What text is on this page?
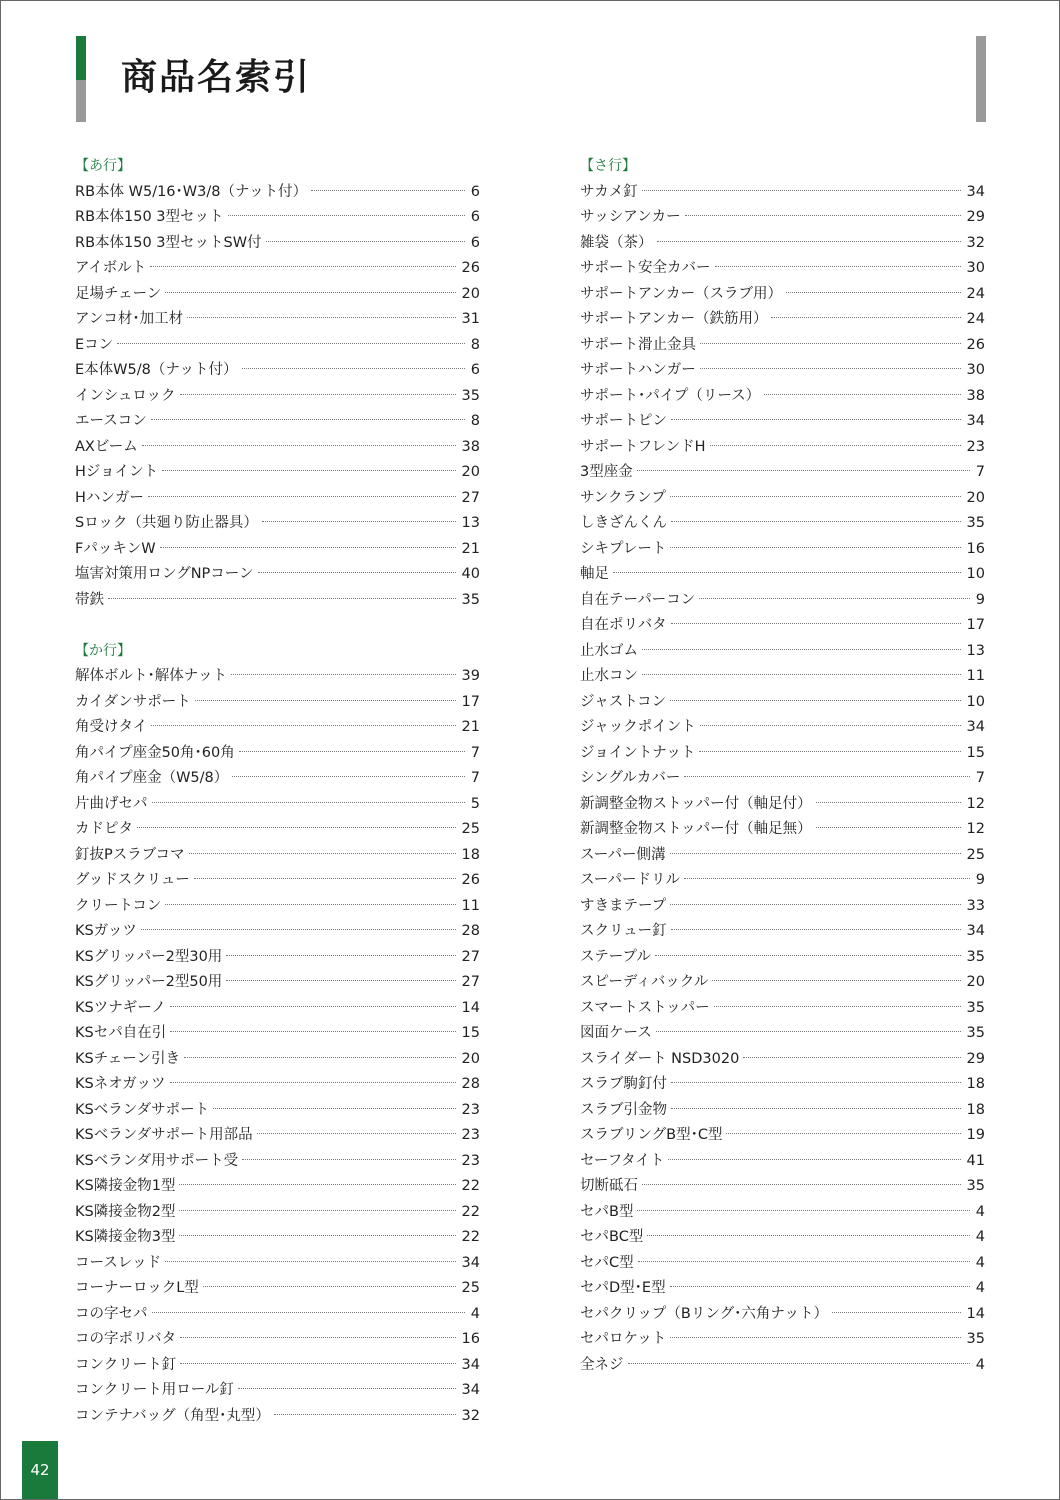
商品名索引
【あ行】
RB本体 W5/16･W3/8（ナット付）	6
RB本体150 3型セット	6
RB本体150 3型セットSW付	6
アイボルト	26
足場チェーン	20
アンコ材･加工材	31
Eコン	8
E本体W5/8（ナット付）	6
インシュロック	35
エースコン	8
AXビーム	38
Hジョイント	20
Hハンガー	27
Sロック（共廻り防止器具）	13
FパッキンW	21
塩害対策用ロングNPコーン	40
帯鉄	35
【か行】
解体ボルト･解体ナット	39
カイダンサポート	17
角受けタイ	21
角パイプ座金50角･60角	7
角パイプ座金（W5/8）	7
片曲げセパ	5
カドピタ	25
釘抜Pスラブコマ	18
グッドスクリュー	26
クリートコン	11
KSガッツ	28
KSグリッパー2型30用	27
KSグリッパー2型50用	27
KSツナギーノ	14
KSセパ自在引	15
KSチェーン引き	20
KSネオガッツ	28
KSベランダサポート	23
KSベランダサポート用部品	23
KSベランダ用サポート受	23
KS隣接金物1型	22
KS隣接金物2型	22
KS隣接金物3型	22
コースレッド	34
コーナーロックL型	25
コの字セパ	4
コの字ポリバタ	16
コンクリート釘	34
コンクリート用ロール釘	34
コンテナバッグ（角型･丸型）	32
【さ行】
サカメ釘	34
サッシアンカー	29
雑袋（茶）	32
サポート安全カバー	30
サポートアンカー（スラブ用）	24
サポートアンカー（鉄筋用）	24
サポート滑止金具	26
サポートハンガー	30
サポート･パイプ（リース）	38
サポートピン	34
サポートフレンドH	23
3型座金	7
サンクランプ	20
しきざんくん	35
シキプレート	16
軸足	10
自在テーパーコン	9
自在ポリバタ	17
止水ゴム	13
止水コン	11
ジャストコン	10
ジャックポイント	34
ジョイントナット	15
シングルカバー	7
新調整金物ストッパー付（軸足付）	12
新調整金物ストッパー付（軸足無）	12
スーパー側溝	25
スーパードリル	9
すきまテープ	33
スクリュー釘	34
ステープル	35
スピーディバックル	20
スマートストッパー	35
図面ケース	35
スライダート NSD3020	29
スラブ駒釘付	18
スラブ引金物	18
スラブリングB型･C型	19
セーフタイト	41
切断砥石	35
セパB型	4
セパBC型	4
セパC型	4
セパD型･E型	4
セパクリップ（Bリング･六角ナット）	14
セパロケット	35
全ネジ	4
42
